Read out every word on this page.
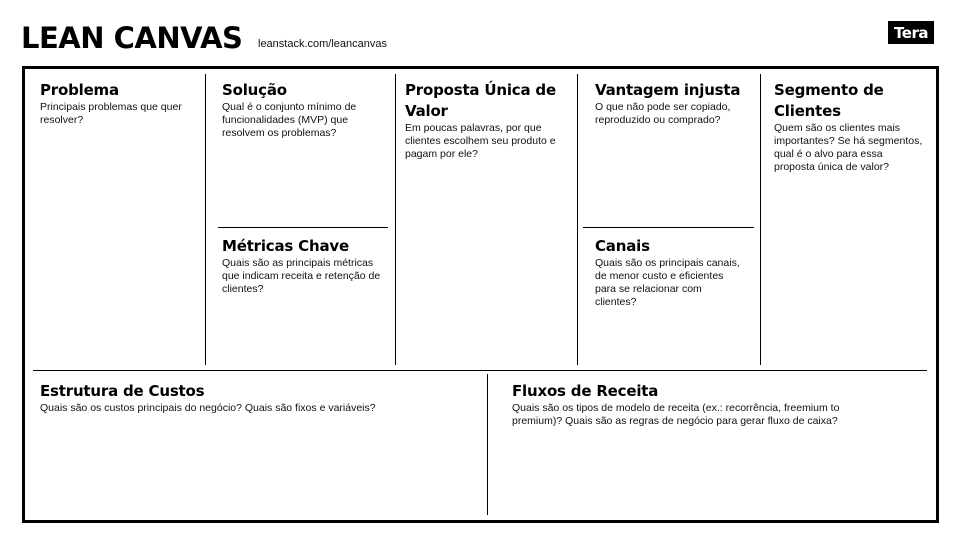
LEAN CANVAS leanstack.com/leancanvas
Tera
Problema

Principais problemas que quer resolver?

Solução

Qual é o conjunto mínimo de funcionalidades (MVP) que resolvem os problemas?

Métricas Chave

Quais são as principais métricas que indicam receita e retenção de clientes?

Proposta Única de Valor

Em poucas palavras, por que clientes escolhem seu produto e pagam por ele?

Vantagem injusta

O que não pode ser copiado, reproduzido ou comprado?

Canais

Quais são os principais canais, de menor custo e eficientes para se relacionar com clientes?

Segmento de Clientes

Quem são os clientes mais importantes? Se há segmentos, qual é o alvo para essa proposta única de valor?

Estrutura de Custos

Quais são os custos principais do negócio? Quais são fixos e variáveis?

Fluxos de Receita

Quais são os tipos de modelo de receita (ex.: recorrência, freemium to premium)? Quais são as regras de negócio para gerar fluxo de caixa?
